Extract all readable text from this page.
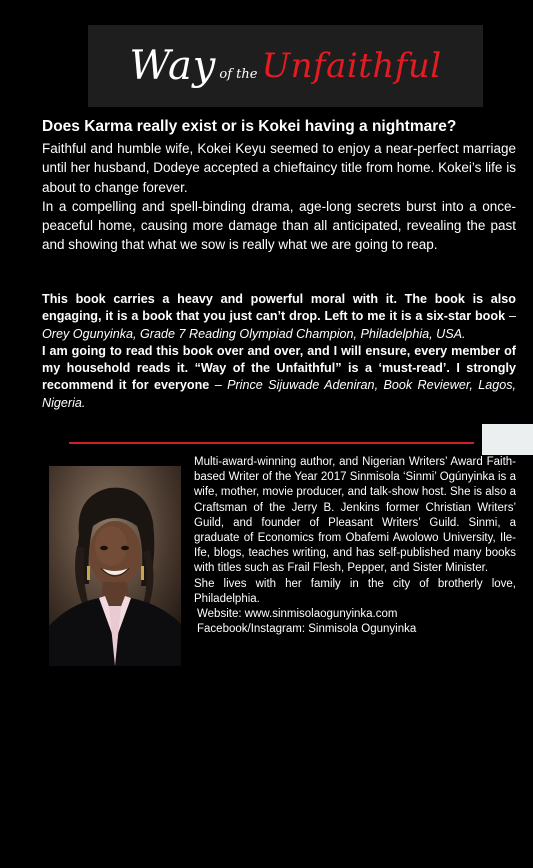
Way of the Unfaithful
Does Karma really exist or is Kokei having a nightmare?

Faithful and humble wife, Kokei Keyu seemed to enjoy a near-perfect marriage until her husband, Dodeye accepted a chieftaincy title from home. Kokei’s life is about to change forever.

In a compelling and spell-binding drama, age-long secrets burst into a once-peaceful home, causing more damage than all anticipated, revealing the past and showing that what we sow is really what we are going to reap.

This book carries a heavy and powerful moral with it. The book is also engaging, it is a book that you just can’t drop. Left to me it is a six-star book – Orey Ogunyinka, Grade 7 Reading Olympiad Champion, Philadelphia, USA.

I am going to read this book over and over, and I will ensure, every member of my household reads it. “Way of the Unfaithful” is a ‘must-read’. I strongly recommend it for everyone – Prince Sijuwade Adeniran, Book Reviewer, Lagos, Nigeria.

Multi-award-winning author, and Nigerian Writers’ Award Faith-based Writer of the Year 2017 Sinmisola ‘Sinmi’ Ogúnyinka is a wife, mother, movie producer, and talk-show host. She is also a Craftsman of the Jerry B. Jenkins former Christian Writers’ Guild, and founder of Pleasant Writers’ Guild. Sinmi, a graduate of Economics from Obafemi Awolowo University, Ile-Ife, blogs, teaches writing, and has self-published many books with titles such as Frail Flesh, Pepper, and Sister Minister.

She lives with her family in the city of brotherly love, Philadelphia.

Website: www.sinmisolaogunyinka.com

Facebook/Instagram: Sinmisola Ogunyinka
